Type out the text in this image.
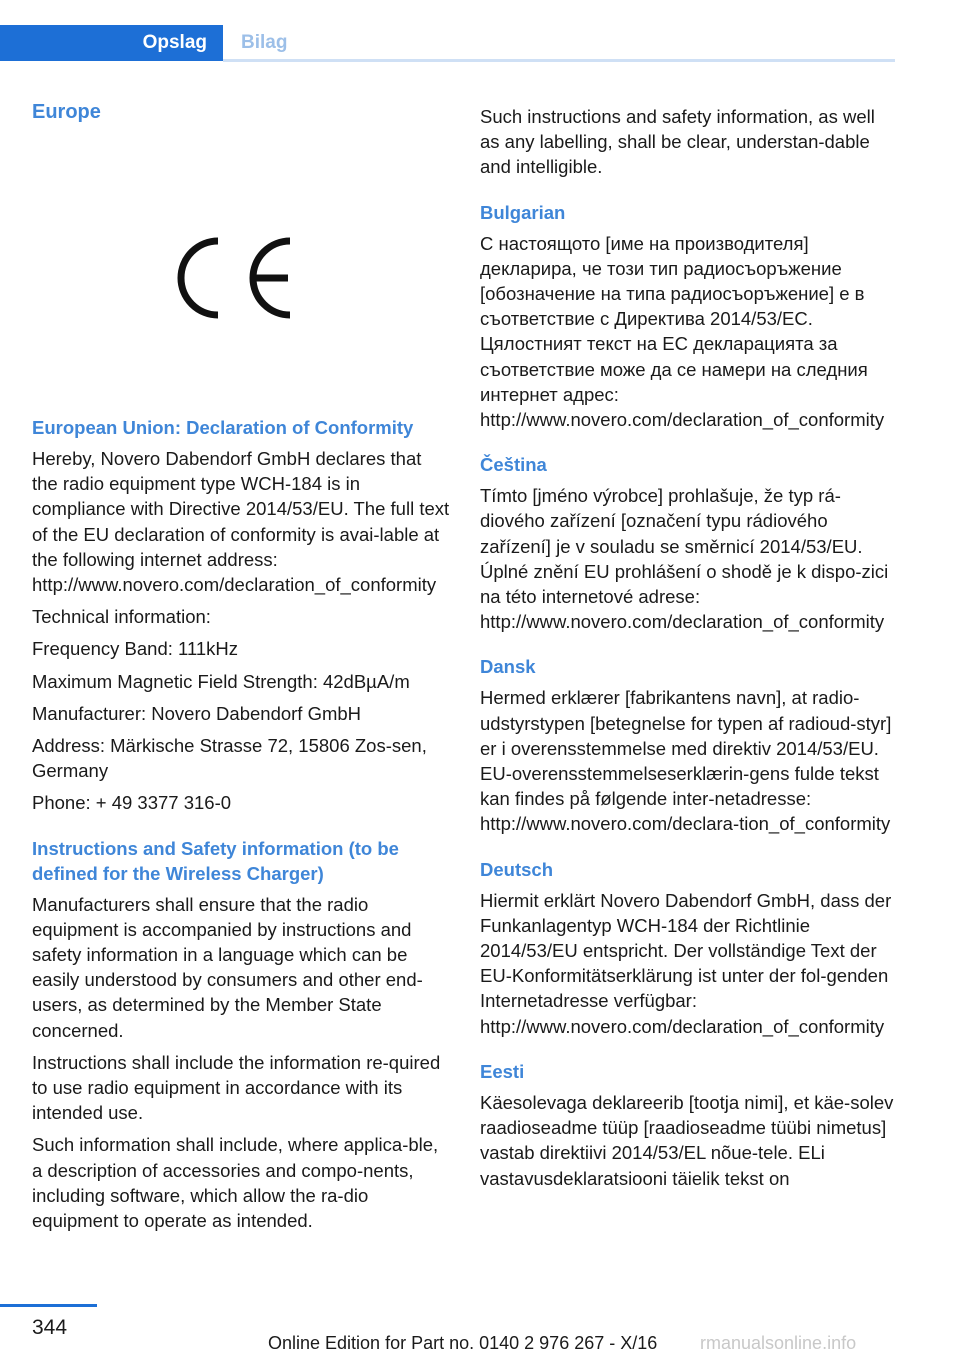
Opslag	Bilag
Europe
European Union: Declaration of Conformity

Hereby, Novero Dabendorf GmbH declares that the radio equipment type WCH-184 is in compliance with Directive 2014/53/EU. The full text of the EU declaration of conformity is avai‐lable at the following internet address: http://www.novero.com/declaration_of_conformity

Technical information:

Frequency Band: 111kHz

Maximum Magnetic Field Strength: 42dBµA/m

Manufacturer: Novero Dabendorf GmbH

Address: Märkische Strasse 72, 15806 Zos‐sen, Germany

Phone: + 49 3377 316-0

Instructions and Safety information (to be defined for the Wireless Charger)

Manufacturers shall ensure that the radio equipment is accompanied by instructions and safety information in a language which can be easily understood by consumers and other end-users, as determined by the Member State concerned.

Instructions shall include the information re‐quired to use radio equipment in accordance with its intended use.

Such information shall include, where applica‐ble, a description of accessories and compo‐nents, including software, which allow the ra‐dio equipment to operate as intended.

Such instructions and safety information, as well as any labelling, shall be clear, understan‐dable and intelligible.

Bulgarian

С настоящото [име на производителя] декларира, че този тип радиосъоръжение [обозначение на типа радиосъоръжение] е в съответствие с Директива 2014/53/ЕС. Цялостният текст на ЕС декларацията за съответствие може да се намери на следния интернет адрес: http://www.novero.com/declaration_of_conformity

Čeština

Tímto [jméno výrobce] prohlašuje, že typ rá‐diového zařízení [označení typu rádiového zařízení] je v souladu se směrnicí 2014/53/EU. Úplné znění EU prohlášení o shodě je k dispo‐zici na této internetové adrese: http://www.novero.com/declaration_of_conformity

Dansk

Hermed erklærer [fabrikantens navn], at radio‐udstyrstypen [betegnelse for typen af radioud‐styr] er i overensstemmelse med direktiv 2014/53/EU. EU-overensstemmelseserklærin‐gens fulde tekst kan findes på følgende inter‐netadresse: http://www.novero.com/declara‐tion_of_conformity

Deutsch

Hiermit erklärt Novero Dabendorf GmbH, dass der Funkanlagentyp WCH-184 der Richtlinie 2014/53/EU entspricht. Der vollständige Text der EU-Konformitätserklärung ist unter der fol‐genden Internetadresse verfügbar: http://www.novero.com/declaration_of_conformity

Eesti

Käesolevaga deklareerib [tootja nimi], et käe‐solev raadioseadme tüüp [raadioseadme tüübi nimetus] vastab direktiivi 2014/53/EL nõue‐tele. ELi vastavusdeklaratsiooni täielik tekst on

344
Online Edition for Part no. 0140 2 976 267 - X/16 rmanualsonline.info
